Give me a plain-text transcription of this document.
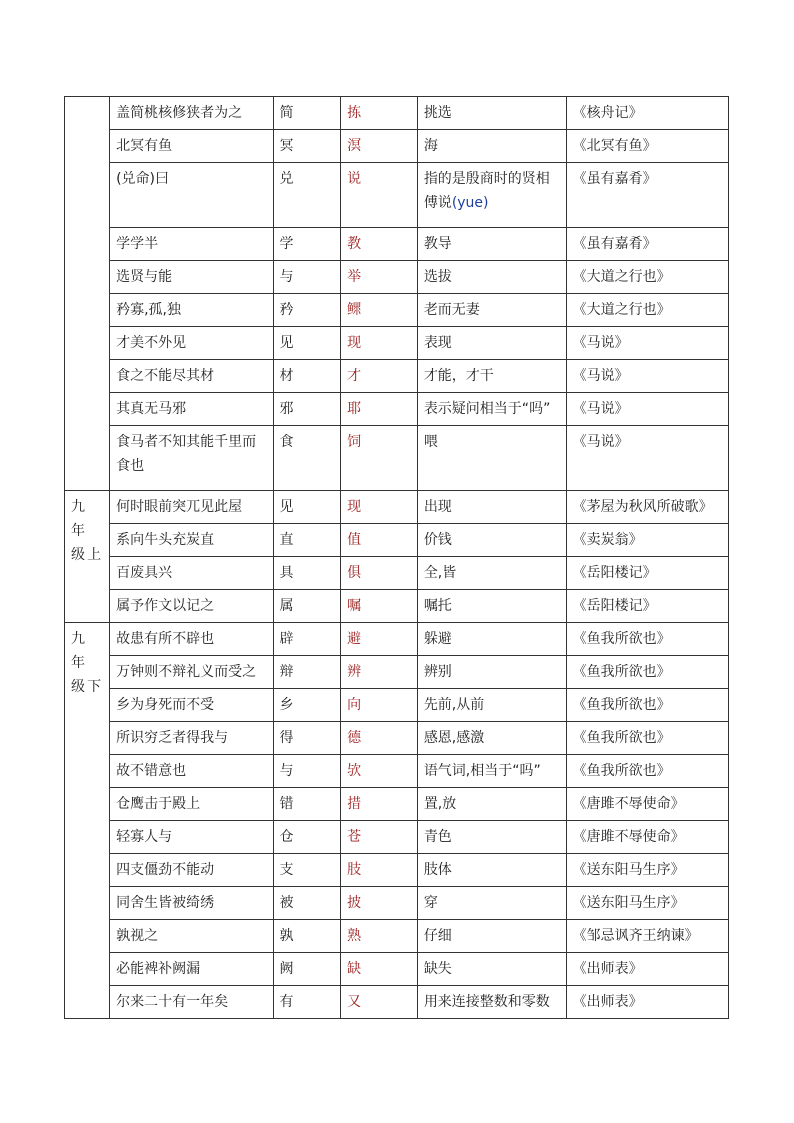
	盖简桃核修狭者为之	简	拣	挑选	《核舟记》
	北冥有鱼	冥	溟	海	《北冥有鱼》
	(兑命)曰	兑	说	指的是殷商时的贤相傅说(yue)	《虽有嘉肴》
	学学半	学	教	教导	《虽有嘉肴》
	选贤与能	与	举	选拔	《大道之行也》
	矜寡,孤,独	矜	鳏	老而无妻	《大道之行也》
	才美不外见	见	现	表现	《马说》
	食之不能尽其材	材	才	才能，才干	《马说》
	其真无马邪	邪	耶	表示疑问相当于“吗”	《马说》
	食马者不知其能千里而食也	食	饲	喂	《马说》

九 年 级上	何时眼前突兀见此屋	见	现	出现	《茅屋为秋风所破歌》
	系向牛头充炭直	直	值	价钱	《卖炭翁》
	百废具兴	具	俱	全,皆	《岳阳楼记》
	属予作文以记之	属	嘱	嘱托	《岳阳楼记》

九 年 级下	故患有所不辟也	辟	避	躲避	《鱼我所欲也》
	万钟则不辩礼义而受之	辩	辨	辨别	《鱼我所欲也》
	乡为身死而不受	乡	向	先前,从前	《鱼我所欲也》
	所识穷乏者得我与	得	德	感恩,感激	《鱼我所欲也》
	故不错意也	与	欤	语气词,相当于“吗”	《鱼我所欲也》
	仓鹰击于殿上	错	措	置,放	《唐雎不辱使命》
	轻寡人与	仓	苍	青色	《唐雎不辱使命》
	四支僵劲不能动	支	肢	肢体	《送东阳马生序》
	同舍生皆被绮绣	被	披	穿	《送东阳马生序》
	孰视之	孰	熟	仔细	《邹忌讽齐王纳谏》
	必能裨补阙漏	阙	缺	缺失	《出师表》
	尔来二十有一年矣	有	又	用来连接整数和零数	《出师表》
